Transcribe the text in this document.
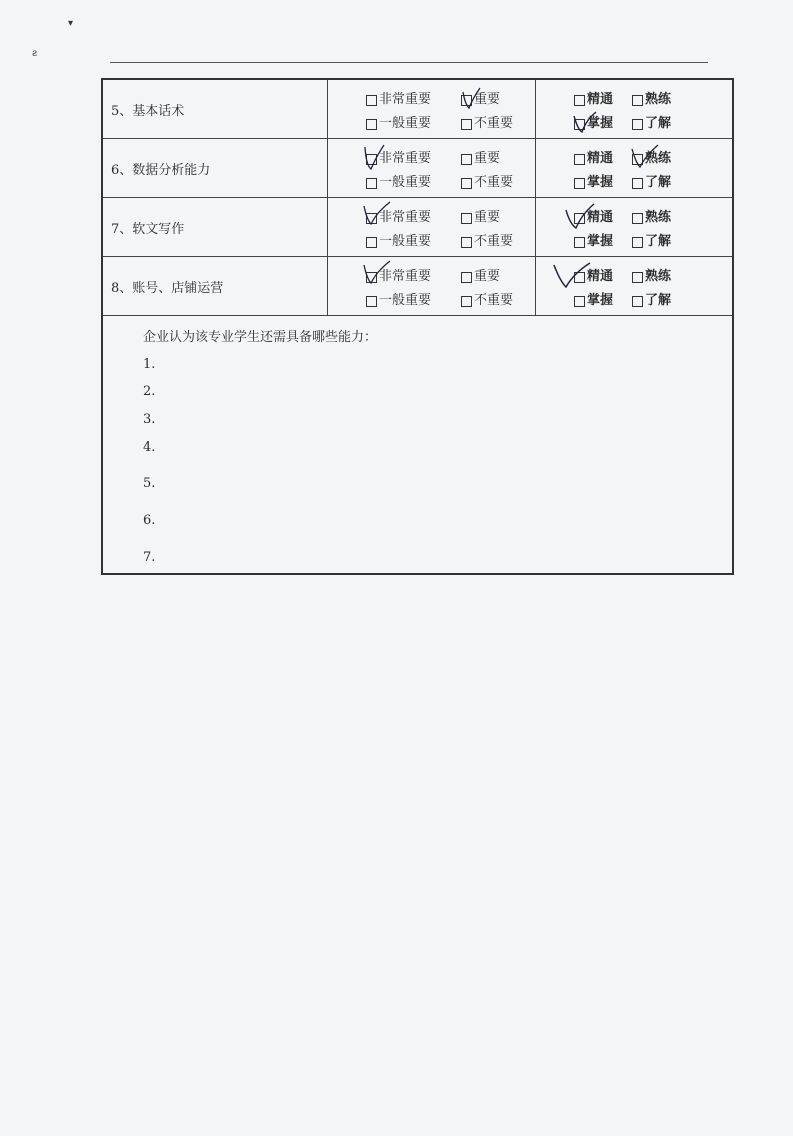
▾
ƨ
5、基本话术
非常重要	重要
一般重要	不重要
精通 熟练
掌握 了解
6、数据分析能力
非常重要	重要
一般重要	不重要
精通 熟练
掌握 了解
7、软文写作
非常重要	重要
一般重要	不重要
精通 熟练
掌握 了解
8、账号、店铺运营
非常重要	重要
一般重要	不重要
精通 熟练
掌握 了解
企业认为该专业学生还需具备哪些能力：
1.
2.
3.
4.
5.
6.
7.
